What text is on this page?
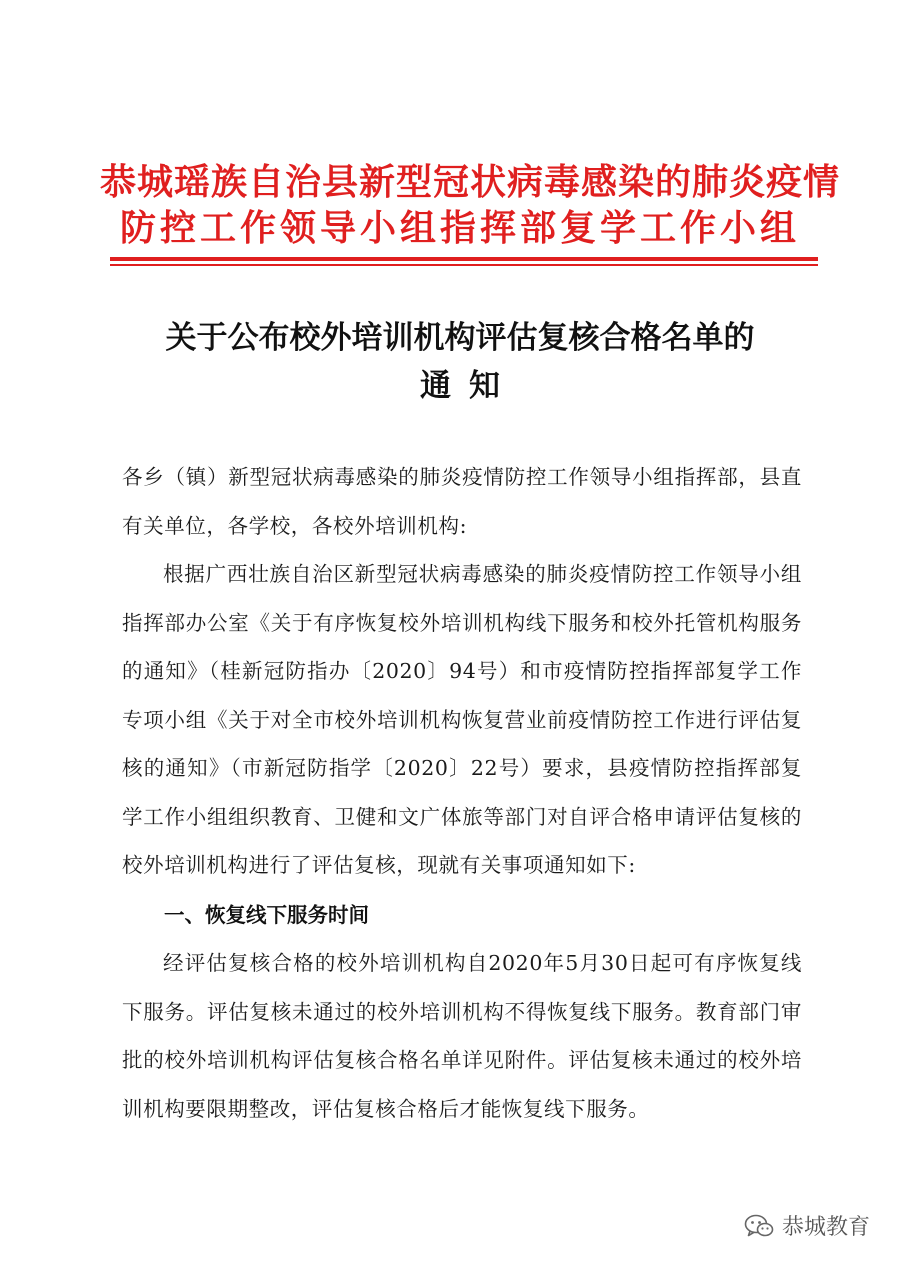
恭城瑶族自治县新型冠状病毒感染的肺炎疫情
防控工作领导小组指挥部复学工作小组
关于公布校外培训机构评估复核合格名单的
通知
各乡（镇）新型冠状病毒感染的肺炎疫情防控工作领导小组指挥部，县直有关单位，各学校，各校外培训机构:
根据广西壮族自治区新型冠状病毒感染的肺炎疫情防控工作领导小组指挥部办公室《关于有序恢复校外培训机构线下服务和校外托管机构服务的通知》（桂新冠防指办〔2020〕94号）和市疫情防控指挥部复学工作专项小组《关于对全市校外培训机构恢复营业前疫情防控工作进行评估复核的通知》（市新冠防指学〔2020〕22号）要求，县疫情防控指挥部复学工作小组组织教育、卫健和文广体旅等部门对自评合格申请评估复核的校外培训机构进行了评估复核，现就有关事项通知如下:
一、恢复线下服务时间
经评估复核合格的校外培训机构自2020年5月30日起可有序恢复线下服务。评估复核未通过的校外培训机构不得恢复线下服务。教育部门审批的校外培训机构评估复核合格名单详见附件。评估复核未通过的校外培训机构要限期整改，评估复核合格后才能恢复线下服务。
恭城教育
